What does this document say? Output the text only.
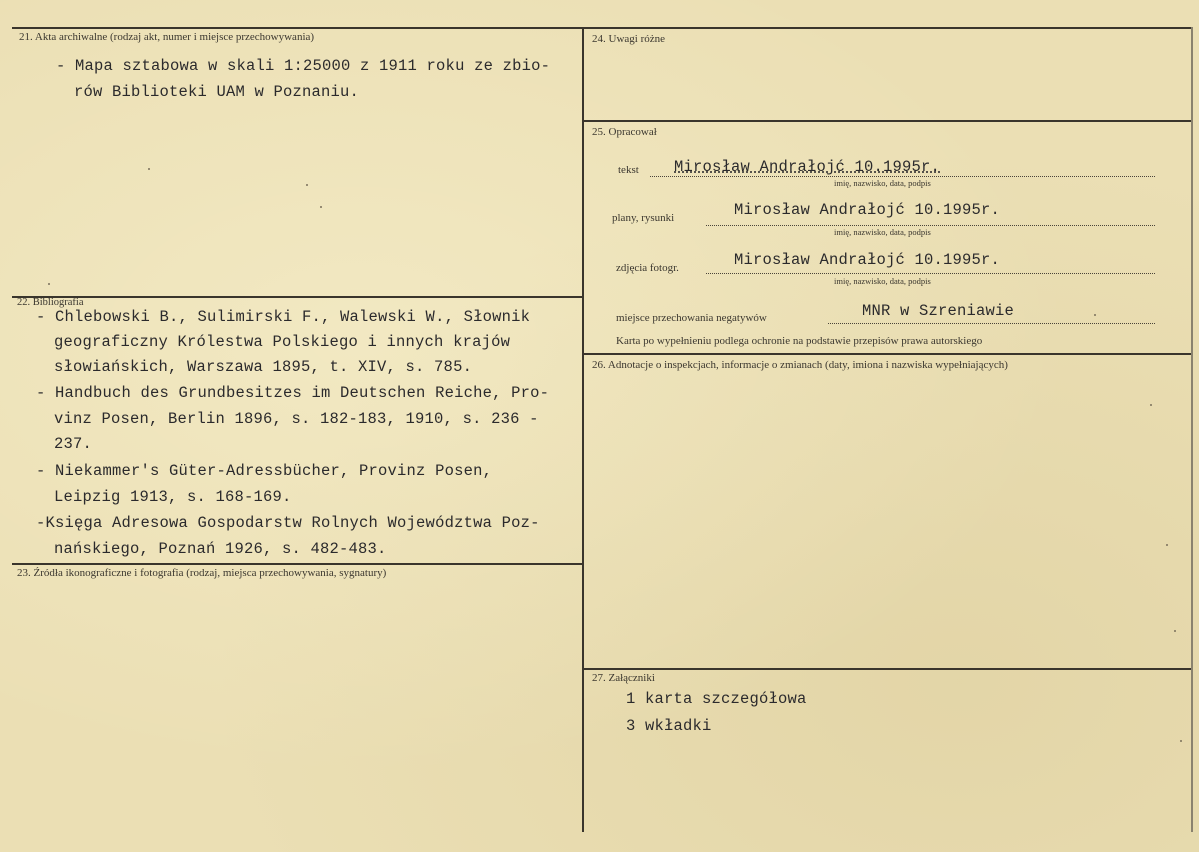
21. Akta archiwalne (rodzaj akt, numer i miejsce przechowywania)
- Mapa sztabowa w skali 1:25000 z 1911 roku ze zbio-
rów Biblioteki UAM w Poznaniu.
22. Bibliografia
- Chlebowski B., Sulimirski F., Walewski W., Słownik
geograficzny Królestwa Polskiego i innych krajów
słowiańskich, Warszawa 1895, t. XIV, s. 785.
- Handbuch des Grundbesitzes im Deutschen Reiche, Pro-
vinz Posen, Berlin 1896, s. 182-183, 1910, s. 236 -
237.
- Niekammer's Güter-Adressbücher, Provinz Posen,
Leipzig 1913, s. 168-169.
-Księga Adresowa Gospodarstw Rolnych Województwa Poz-
nańskiego, Poznań 1926, s. 482-483.
23. Źródła ikonograficzne i fotografia (rodzaj, miejsca przechowywania, sygnatury)
24. Uwagi różne
25. Opracował
tekst Mirosław Andrałojć 10.1995r.
imię, nazwisko, data, podpis
plany, rysunki	Mirosław Andrałojć 10.1995r.
imię, nazwisko, data, podpis
zdjęcia fotogr.	Mirosław Andrałojć 10.1995r.
imię, nazwisko, data, podpis
miejsce przechowania negatywów	MNR w Szreniawie
Karta po wypełnieniu podlega ochronie na podstawie przepisów prawa autorskiego
26. Adnotacje o inspekcjach, informacje o zmianach (daty, imiona i nazwiska wypełniających)
27. Załączniki
1 karta szczegółowa
3 wkładki
